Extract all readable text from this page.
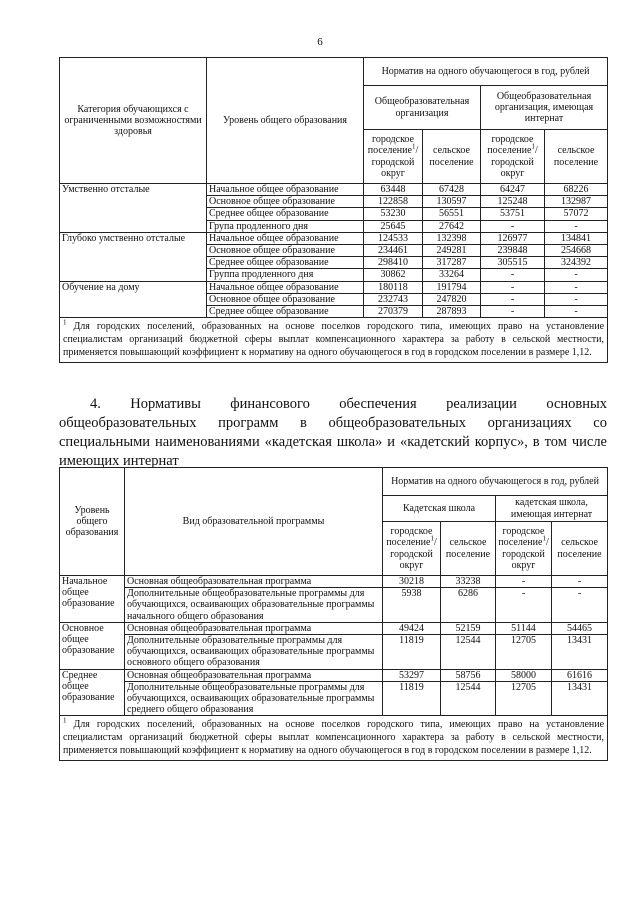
6
Категория обучающихся с ограниченными возможностями здоровья	Уровень общего образования	Норматив на одного обучающегося в год, рублей			
		Общеобразовательная организация		Общеобразовательная организация, имеющая интернат	
		городское поселение$^1$/ городской округ	сельское поселение	городское поселение$^1$/ городской округ	сельское поселение
Умственно отсталые	Начальное общее образование	63448	67428	64247	68226
	Основное общее образование	122858	130597	125248	132987
	Среднее общее образование	53230	56551	53751	57072
	Група продленного дня	25645	27642	-	-
Глубоко умственно отсталые	Начальное общее образование	124533	132398	126977	134841
	Основное общее образование	234461	249281	239848	254668
	Среднее общее образование	298410	317287	305515	324392
	Группа продленного дня	30862	33264	-	-
Обучение на дому	Начальное общее образование	180118	191794	-	-
	Основное общее образование	232743	247820	-	-
	Среднее общее образование	270379	287893	-	-
$^1$ Для городских поселений, образованных на основе поселков городского типа, имеющих право на установление специалистам организаций бюджетной сферы выплат компенсационного характера за работу в сельской местности, применяется повышающий коэффициент к нормативу на одного обучающегося в год в городском поселении в размере 1,12.					
4. Нормативы финансового обеспечения реализации основных общеобразовательных программ в общеобразовательных организациях со специальными наименованиями «кадетская школа» и «кадетский корпус», в том числе имеющих интернат
Уровень общего образования	Вид образовательной программы	Норматив на одного обучающегося в год, рублей			
		Кадетская школа		кадетская школа, имеющая интернат	
		городское поселение$^1$/ городской округ	сельское поселение	городское поселение$^1$/ городской округ	сельское поселение
Начальное общее образование	Основная общеобразовательная программа	30218	33238	-	-
	Дополнительные общеобразовательные программы для обучающихся, осваивающих образовательные программы начального общего образования	5938	6286	-	-
Основное общее образование	Основная общеобразовательная программа	49424	52159	51144	54465
	Дополнительные образовательные программы для обучающихся, осваивающих образовательные программы основного общего образования	11819	12544	12705	13431
Среднее общее образование	Основная общеобразовательная программа	53297	58756	58000	61616
	Дополнительные общеобразовательные программы для обучающихся, осваивающих образовательные программы среднего общего образования	11819	12544	12705	13431
$^1$ Для городских поселений, образованных на основе поселков городского типа, имеющих право на установление специалистам организаций бюджетной сферы выплат компенсационного характера за работу в сельской местности, применяется повышающий коэффициент к нормативу на одного обучающегося в год в городском поселении в размере 1,12.					
